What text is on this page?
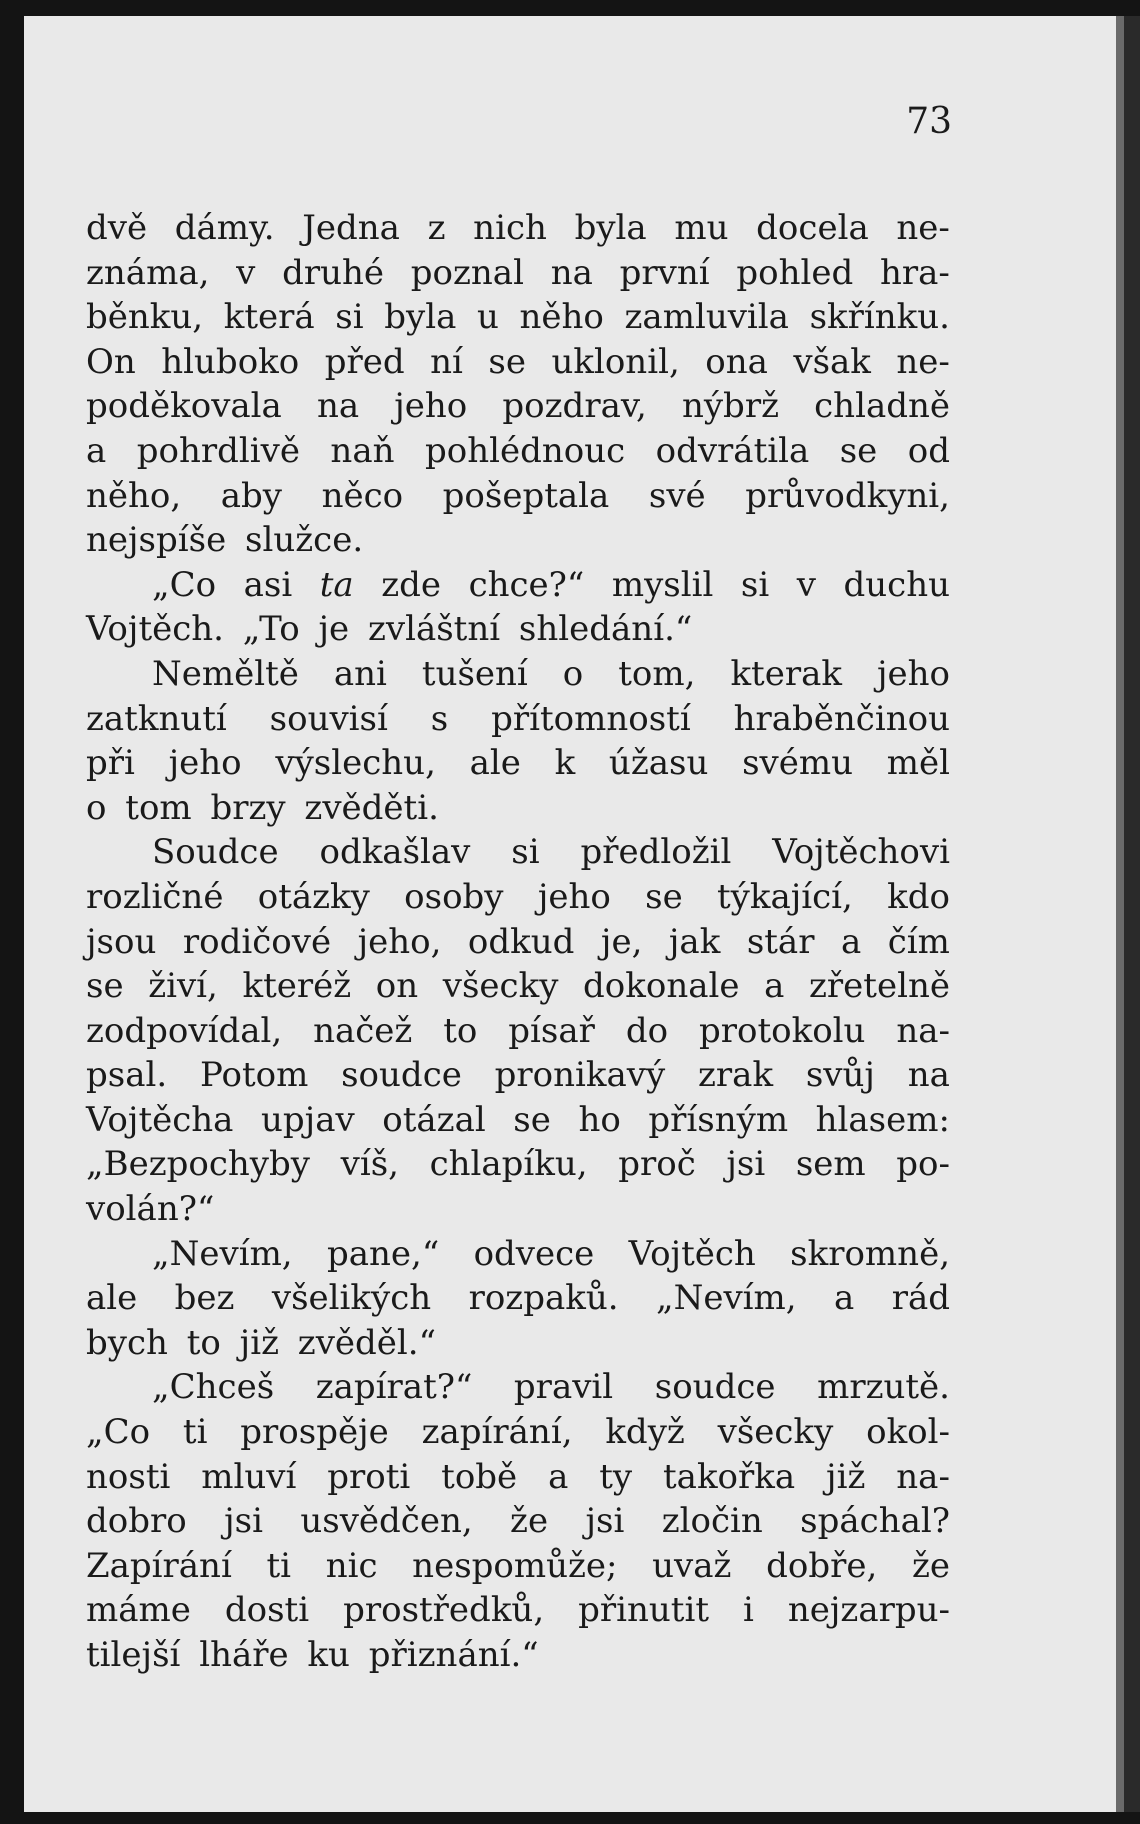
73
dvě dámy. Jedna z nich byla mu docela ne-
známa, v druhé poznal na první pohled hra-
běnku, která si byla u něho zamluvila skřínku.
On hluboko před ní se uklonil, ona však ne-
poděkovala na jeho pozdrav, nýbrž chladně
a pohrdlivě naň pohlédnouc odvrátila se od
něho, aby něco pošeptala své průvodkyni,
nejspíše služce.
„Co asi ta zde chce?“ myslil si v duchu
Vojtěch. „To je zvláštní shledání.“
Neměltě ani tušení o tom, kterak jeho
zatknutí souvisí s přítomností hraběnčinou
při jeho výslechu, ale k úžasu svému měl
o tom brzy zvěděti.
Soudce odkašlav si předložil Vojtěchovi
rozličné otázky osoby jeho se týkající, kdo
jsou rodičové jeho, odkud je, jak stár a čím
se živí, kteréž on všecky dokonale a zřetelně
zodpovídal, načež to písař do protokolu na-
psal. Potom soudce pronikavý zrak svůj na
Vojtěcha upjav otázal se ho přísným hlasem:
„Bezpochyby víš, chlapíku, proč jsi sem po-
volán?“
„Nevím, pane,“ odvece Vojtěch skromně,
ale bez všelikých rozpaků. „Nevím, a rád
bych to již zvěděl.“
„Chceš zapírat?“ pravil soudce mrzutě.
„Co ti prospěje zapírání, když všecky okol-
nosti mluví proti tobě a ty takořka již na-
dobro jsi usvědčen, že jsi zločin spáchal?
Zapírání ti nic nespomůže; uvaž dobře, že
máme dosti prostředků, přinutit i nejzarpu-
tilejší lháře ku přiznání.“
